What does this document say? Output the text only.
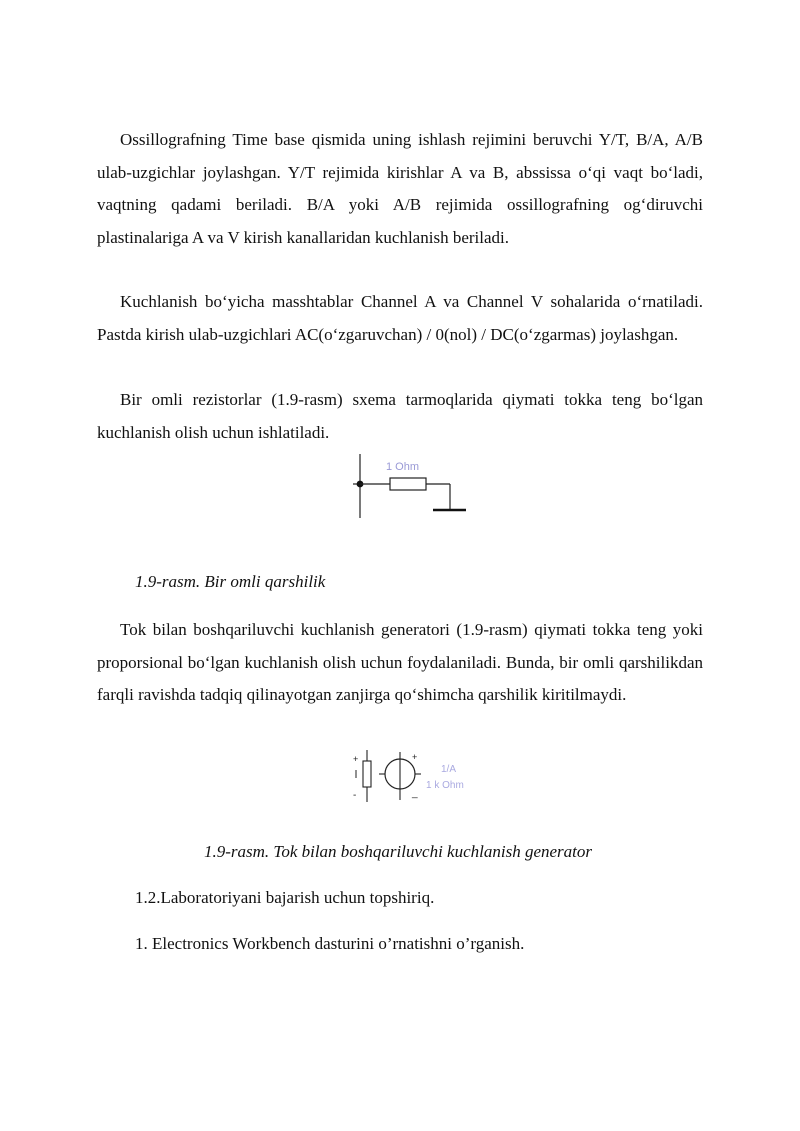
Ossillografning Time base qismida uning ishlash rejimini beruvchi Y/T, B/A, A/B ulab-uzgichlar joylashgan. Y/T rejimida kirishlar A va B, abssissa oʻqi vaqt boʻladi, vaqtning qadami beriladi. B/A yoki A/B rejimida ossillografning ogʻdiruvchi plastinalariga A va V kirish kanallaridan kuchlanish beriladi.

Kuchlanish boʻyicha masshtablar Channel A va Channel V sohalarida oʻrnatiladi. Pastda kirish ulab-uzgichlari AC(oʻzgaruvchan) / 0(nol) / DC(oʻzgarmas) joylashgan.

Bir omli rezistorlar (1.9-rasm) sxema tarmoqlarida qiymati tokka teng boʻlgan kuchlanish olish uchun ishlatiladi.

1 Ohm

1.9-rasm. Bir omli qarshilik

Tok bilan boshqariluvchi kuchlanish generatori (1.9-rasm) qiymati tokka teng yoki proporsional boʻlgan kuchlanish olish uchun foydalaniladi. Bunda, bir omli qarshilikdan farqli ravishda tadqiq qilinayotgan zanjirga qoʻshimcha qarshilik kiritilmaydi.

+
-
+
_
1/A
1 k Ohm

1.9-rasm. Tok bilan boshqariluvchi kuchlanish generator

1.2.Laboratoriyani bajarish uchun topshiriq.

1. Electronics Workbench dasturini o’rnatishni o’rganish.
